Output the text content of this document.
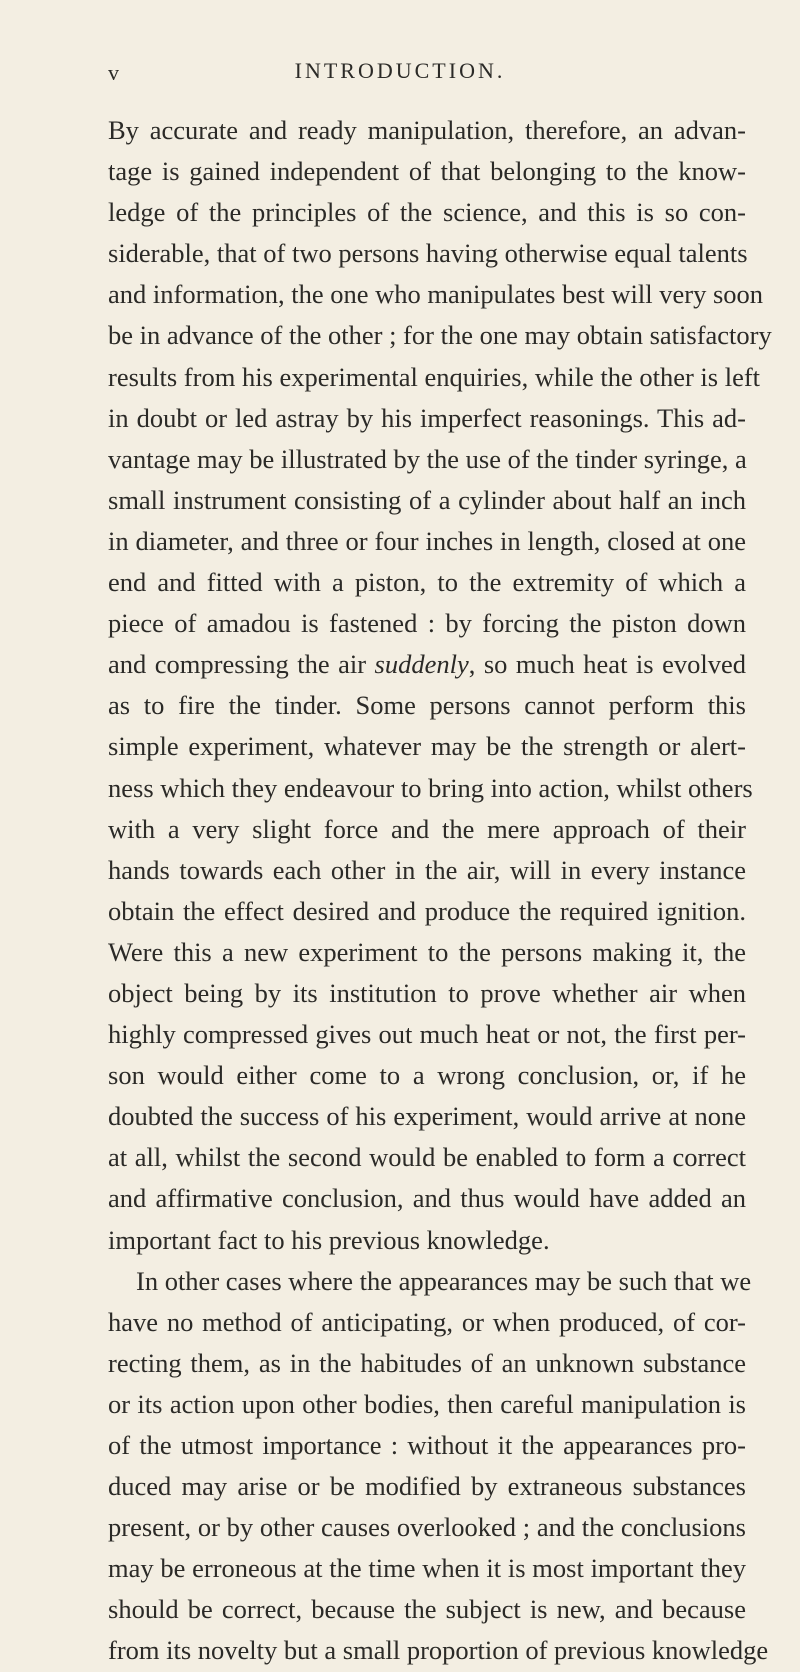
v	INTRODUCTION.
By accurate and ready manipulation, therefore, an advan-
tage is gained independent of that belonging to the know-
ledge of the principles of the science, and this is so con-
siderable, that of two persons having otherwise equal talents
and information, the one who manipulates best will very soon
be in advance of the other ; for the one may obtain satisfactory
results from his experimental enquiries, while the other is left
in doubt or led astray by his imperfect reasonings. This ad-
vantage may be illustrated by the use of the tinder syringe, a
small instrument consisting of a cylinder about half an inch
in diameter, and three or four inches in length, closed at one
end and fitted with a piston, to the extremity of which a
piece of amadou is fastened : by forcing the piston down
and compressing the air suddenly, so much heat is evolved
as to fire the tinder. Some persons cannot perform this
simple experiment, whatever may be the strength or alert-
ness which they endeavour to bring into action, whilst others
with a very slight force and the mere approach of their
hands towards each other in the air, will in every instance
obtain the effect desired and produce the required ignition.
Were this a new experiment to the persons making it, the
object being by its institution to prove whether air when
highly compressed gives out much heat or not, the first per-
son would either come to a wrong conclusion, or, if he
doubted the success of his experiment, would arrive at none
at all, whilst the second would be enabled to form a correct
and affirmative conclusion, and thus would have added an
important fact to his previous knowledge.
In other cases where the appearances may be such that we
have no method of anticipating, or when produced, of cor-
recting them, as in the habitudes of an unknown substance
or its action upon other bodies, then careful manipulation is
of the utmost importance : without it the appearances pro-
duced may arise or be modified by extraneous substances
present, or by other causes overlooked ; and the conclusions
may be erroneous at the time when it is most important they
should be correct, because the subject is new, and because
from its novelty but a small proportion of previous knowledge
